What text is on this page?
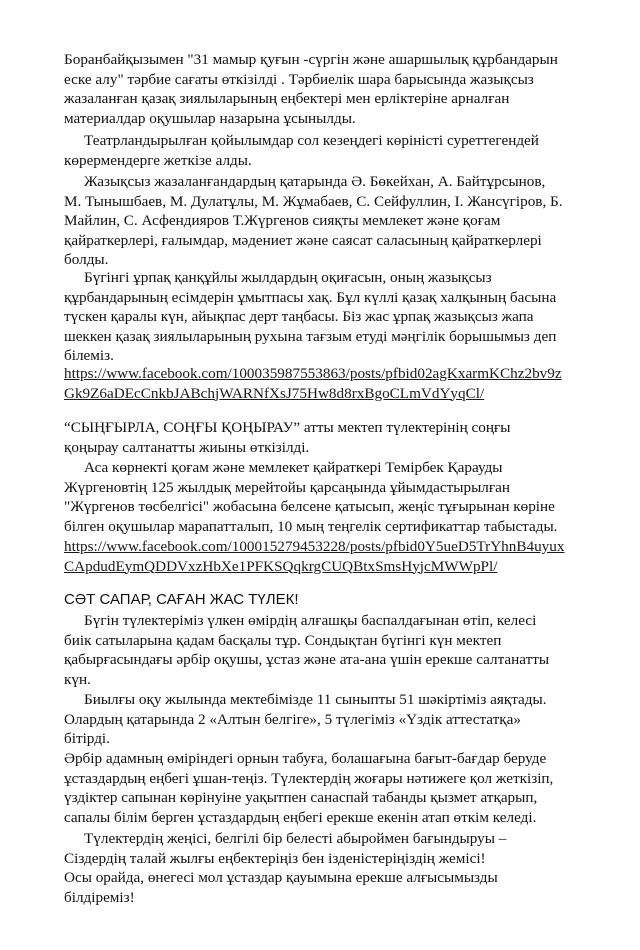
Боранбайқызымен "31 мамыр қуғын -сүргін және ашаршылық құрбандарын
еске алу" тәрбие сағаты өткізілді . Тәрбиелік шара барысында жазықсыз
жазаланған қазақ зиялыларының еңбектері мен ерліктеріне арналған
материалдар оқушылар назарына ұсынылды.

Театрландырылған қойылымдар сол кезеңдегі көріністі суреттегендей
көрермендерге жеткізе алды.

Жазықсыз жазаланғандардың қатарында Ә. Бөкейхан, А. Байтұрсынов,
М. Тынышбаев, М. Дулатұлы, М. Жұмабаев, С. Сейфуллин, І. Жансүгіров, Б.
Майлин, С. Асфендияров Т.Жүргенов сияқты мемлекет және қоғам
қайраткерлері, ғалымдар, мәдениет және саясат саласының қайраткерлері
болды.

Бүгінгі ұрпақ қанқұйлы жылдардың оқиғасын, оның жазықсыз
құрбандарының есімдерін ұмытпасы хақ. Бұл күллі қазақ халқының басына
түскен қаралы күн, айықпас дерт таңбасы. Біз жас ұрпақ жазықсыз жапа
шеккен қазақ зиялыларының рухына тағзым етуді мәңгілік борышымыз деп
білеміз.

https://www.facebook.com/100035987553863/posts/pfbid02agKxarmKChz2bv9z
Gk9Z6aDEcCnkbJABchjWARNfXsJ75Hw8d8rxBgoCLmVdYyqCl/

“СЫҢҒЫРЛА, СОҢҒЫ ҚОҢЫРАУ” атты мектеп түлектерінің соңғы
қоңырау салтанатты жиыны өткізілді.

Аса көрнекті қоғам және мемлекет қайраткері Темірбек Қарауды
Жүргеновтің 125 жылдық мерейтойы қарсаңында ұйымдастырылған
"Жүргенов төсбелгісі" жобасына белсене қатысып, жеңіс тұғырынан көріне
білген оқушылар марапатталып, 10 мың теңгелік сертификаттар табыстады.

https://www.facebook.com/100015279453228/posts/pfbid0Y5ueD5TrYhnB4uyux
CApdudEymQDDVxzHbXe1PFKSQqkrgCUQBtxSmsHyjcMWWpPl/

СӘТ САПАР, САҒАН ЖАС ТҮЛЕК!

Бүгін түлектеріміз үлкен өмірдің алғашқы баспалдағынан өтіп, келесі
биік сатыларына қадам басқалы тұр. Сондықтан бүгінгі күн мектеп
қабырғасындағы әрбір оқушы, ұстаз және ата-ана үшін ерекше салтанатты
күн.

Биылғы оқу жылында мектебімізде 11 сыныпты 51 шәкіртіміз аяқтады.
Олардың қатарында 2 «Алтын белгіге», 5 түлегіміз «Үздік аттестатқа»
бітірді.

Әрбір адамның өміріндегі орнын табуға, болашағына бағыт-бағдар беруде
ұстаздардың еңбегі ұшан-теңіз. Түлектердің жоғары нәтижеге қол жеткізіп,
үздіктер сапынан көрінуіне уақытпен санаспай табанды қызмет атқарып,
сапалы білім берген ұстаздардың еңбегі ерекше екенін атап өткім келеді.

Түлектердің жеңісі, белгілі бір белесті абыроймен бағындыруы –
Сіздердің талай жылғы еңбектеріңіз бен ізденістеріңіздің жемісі!
Осы орайда, өнегесі мол ұстаздар қауымына ерекше алғысымызды
білдіреміз!
